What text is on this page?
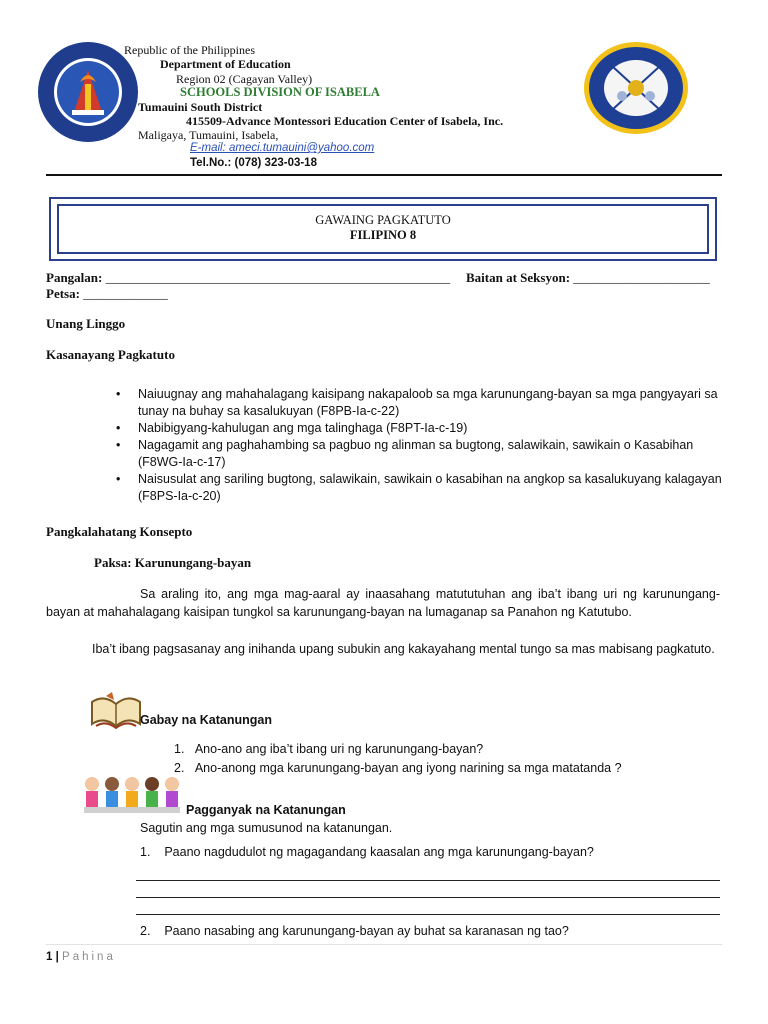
Republic of the Philippines
Department of Education
Region 02 (Cagayan Valley)
SCHOOLS DIVISION OF ISABELA
Tumauini South District
415509-Advance Montessori Education Center of Isabela, Inc.
Maligaya, Tumauini, Isabela,
E-mail: ameci.tumauini@yahoo.com
Tel.No.: (078) 323-03-18
GAWAING PAGKATUTO
FILIPINO 8
Pangalan: _____________________________________________________ Baitan at Seksyon: _____________________
Petsa: _____________
Unang Linggo
Kasanayang Pagkatuto
• Naiuugnay ang mahahalagang kaisipang nakapaloob sa mga karunungang-bayan sa mga pangyayari sa tunay na buhay sa kasalukuyan (F8PB-Ia-c-22)
• Nabibigyang-kahulugan ang mga talinghaga (F8PT-Ia-c-19)
• Nagagamit ang paghahambing sa pagbuo ng alinman sa bugtong, salawikain, sawikain o Kasabihan (F8WG-Ia-c-17)
• Naisusulat ang sariling bugtong, salawikain, sawikain o kasabihan na angkop sa kasalukuyang kalagayan (F8PS-Ia-c-20)
Pangkalahatang Konsepto
Paksa: Karunungang-bayan
Sa araling ito, ang mga mag-aaral ay inaasahang matututuhan ang iba’t ibang uri ng karunungang-bayan at mahahalagang kaisipan tungkol sa karunungang-bayan na lumaganap sa Panahon ng Katutubo.
Iba’t ibang pagsasanay ang inihanda upang subukin ang kakayahang mental tungo sa mas mabisang pagkatuto.
Gabay na Katanungan
1.   Ano-ano ang iba’t ibang uri ng karunungang-bayan?
2.   Ano-anong mga karunungang-bayan ang iyong narining sa mga matatanda ?
Pagganyak na Katanungan
Sagutin ang mga sumusunod na katanungan.
1.    Paano nagdudulot ng magagandang kaasalan ang mga karunungang-bayan?
2.    Paano nasabing ang karunungang-bayan ay buhat sa karanasan ng tao?
1 | Pahina
